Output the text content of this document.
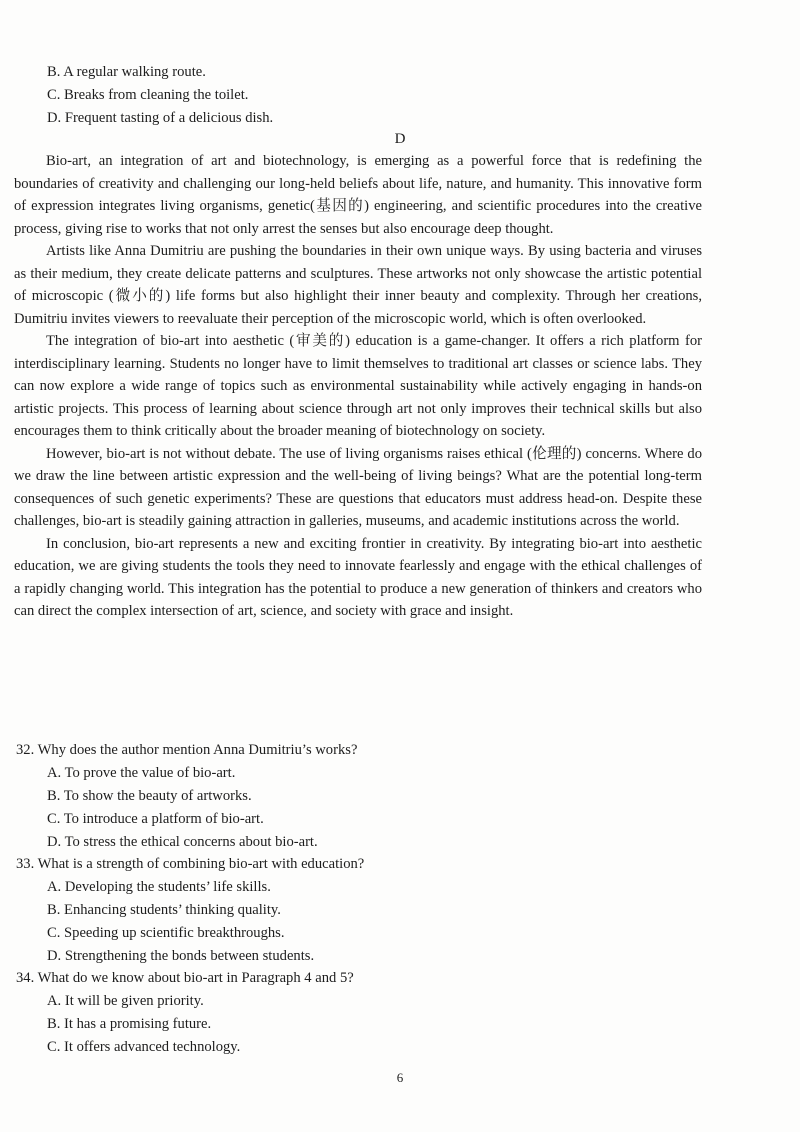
B. A regular walking route.
C. Breaks from cleaning the toilet.
D. Frequent tasting of a delicious dish.
D

Bio-art, an integration of art and biotechnology, is emerging as a powerful force that is redefining the boundaries of creativity and challenging our long-held beliefs about life, nature, and humanity. This innovative form of expression integrates living organisms, genetic(基因的) engineering, and scientific procedures into the creative process, giving rise to works that not only arrest the senses but also encourage deep thought.

Artists like Anna Dumitriu are pushing the boundaries in their own unique ways. By using bacteria and viruses as their medium, they create delicate patterns and sculptures. These artworks not only showcase the artistic potential of microscopic (微小的) life forms but also highlight their inner beauty and complexity. Through her creations, Dumitriu invites viewers to reevaluate their perception of the microscopic world, which is often overlooked.

The integration of bio-art into aesthetic (审美的) education is a game-changer. It offers a rich platform for interdisciplinary learning. Students no longer have to limit themselves to traditional art classes or science labs. They can now explore a wide range of topics such as environmental sustainability while actively engaging in hands-on artistic projects. This process of learning about science through art not only improves their technical skills but also encourages them to think critically about the broader meaning of biotechnology on society.

However, bio-art is not without debate. The use of living organisms raises ethical (伦理的) concerns. Where do we draw the line between artistic expression and the well-being of living beings? What are the potential long-term consequences of such genetic experiments? These are questions that educators must address head-on. Despite these challenges, bio-art is steadily gaining attraction in galleries, museums, and academic institutions across the world.

In conclusion, bio-art represents a new and exciting frontier in creativity. By integrating bio-art into aesthetic education, we are giving students the tools they need to innovate fearlessly and engage with the ethical challenges of a rapidly changing world. This integration has the potential to produce a new generation of thinkers and creators who can direct the complex intersection of art, science, and society with grace and insight.

32. Why does the author mention Anna Dumitriu’s works?
A. To prove the value of bio-art.
B. To show the beauty of artworks.
C. To introduce a platform of bio-art.
D. To stress the ethical concerns about bio-art.
33. What is a strength of combining bio-art with education?
A. Developing the students’ life skills.
B. Enhancing students’ thinking quality.
C. Speeding up scientific breakthroughs.
D. Strengthening the bonds between students.
34. What do we know about bio-art in Paragraph 4 and 5?
A. It will be given priority.
B. It has a promising future.
C. It offers advanced technology.
6
